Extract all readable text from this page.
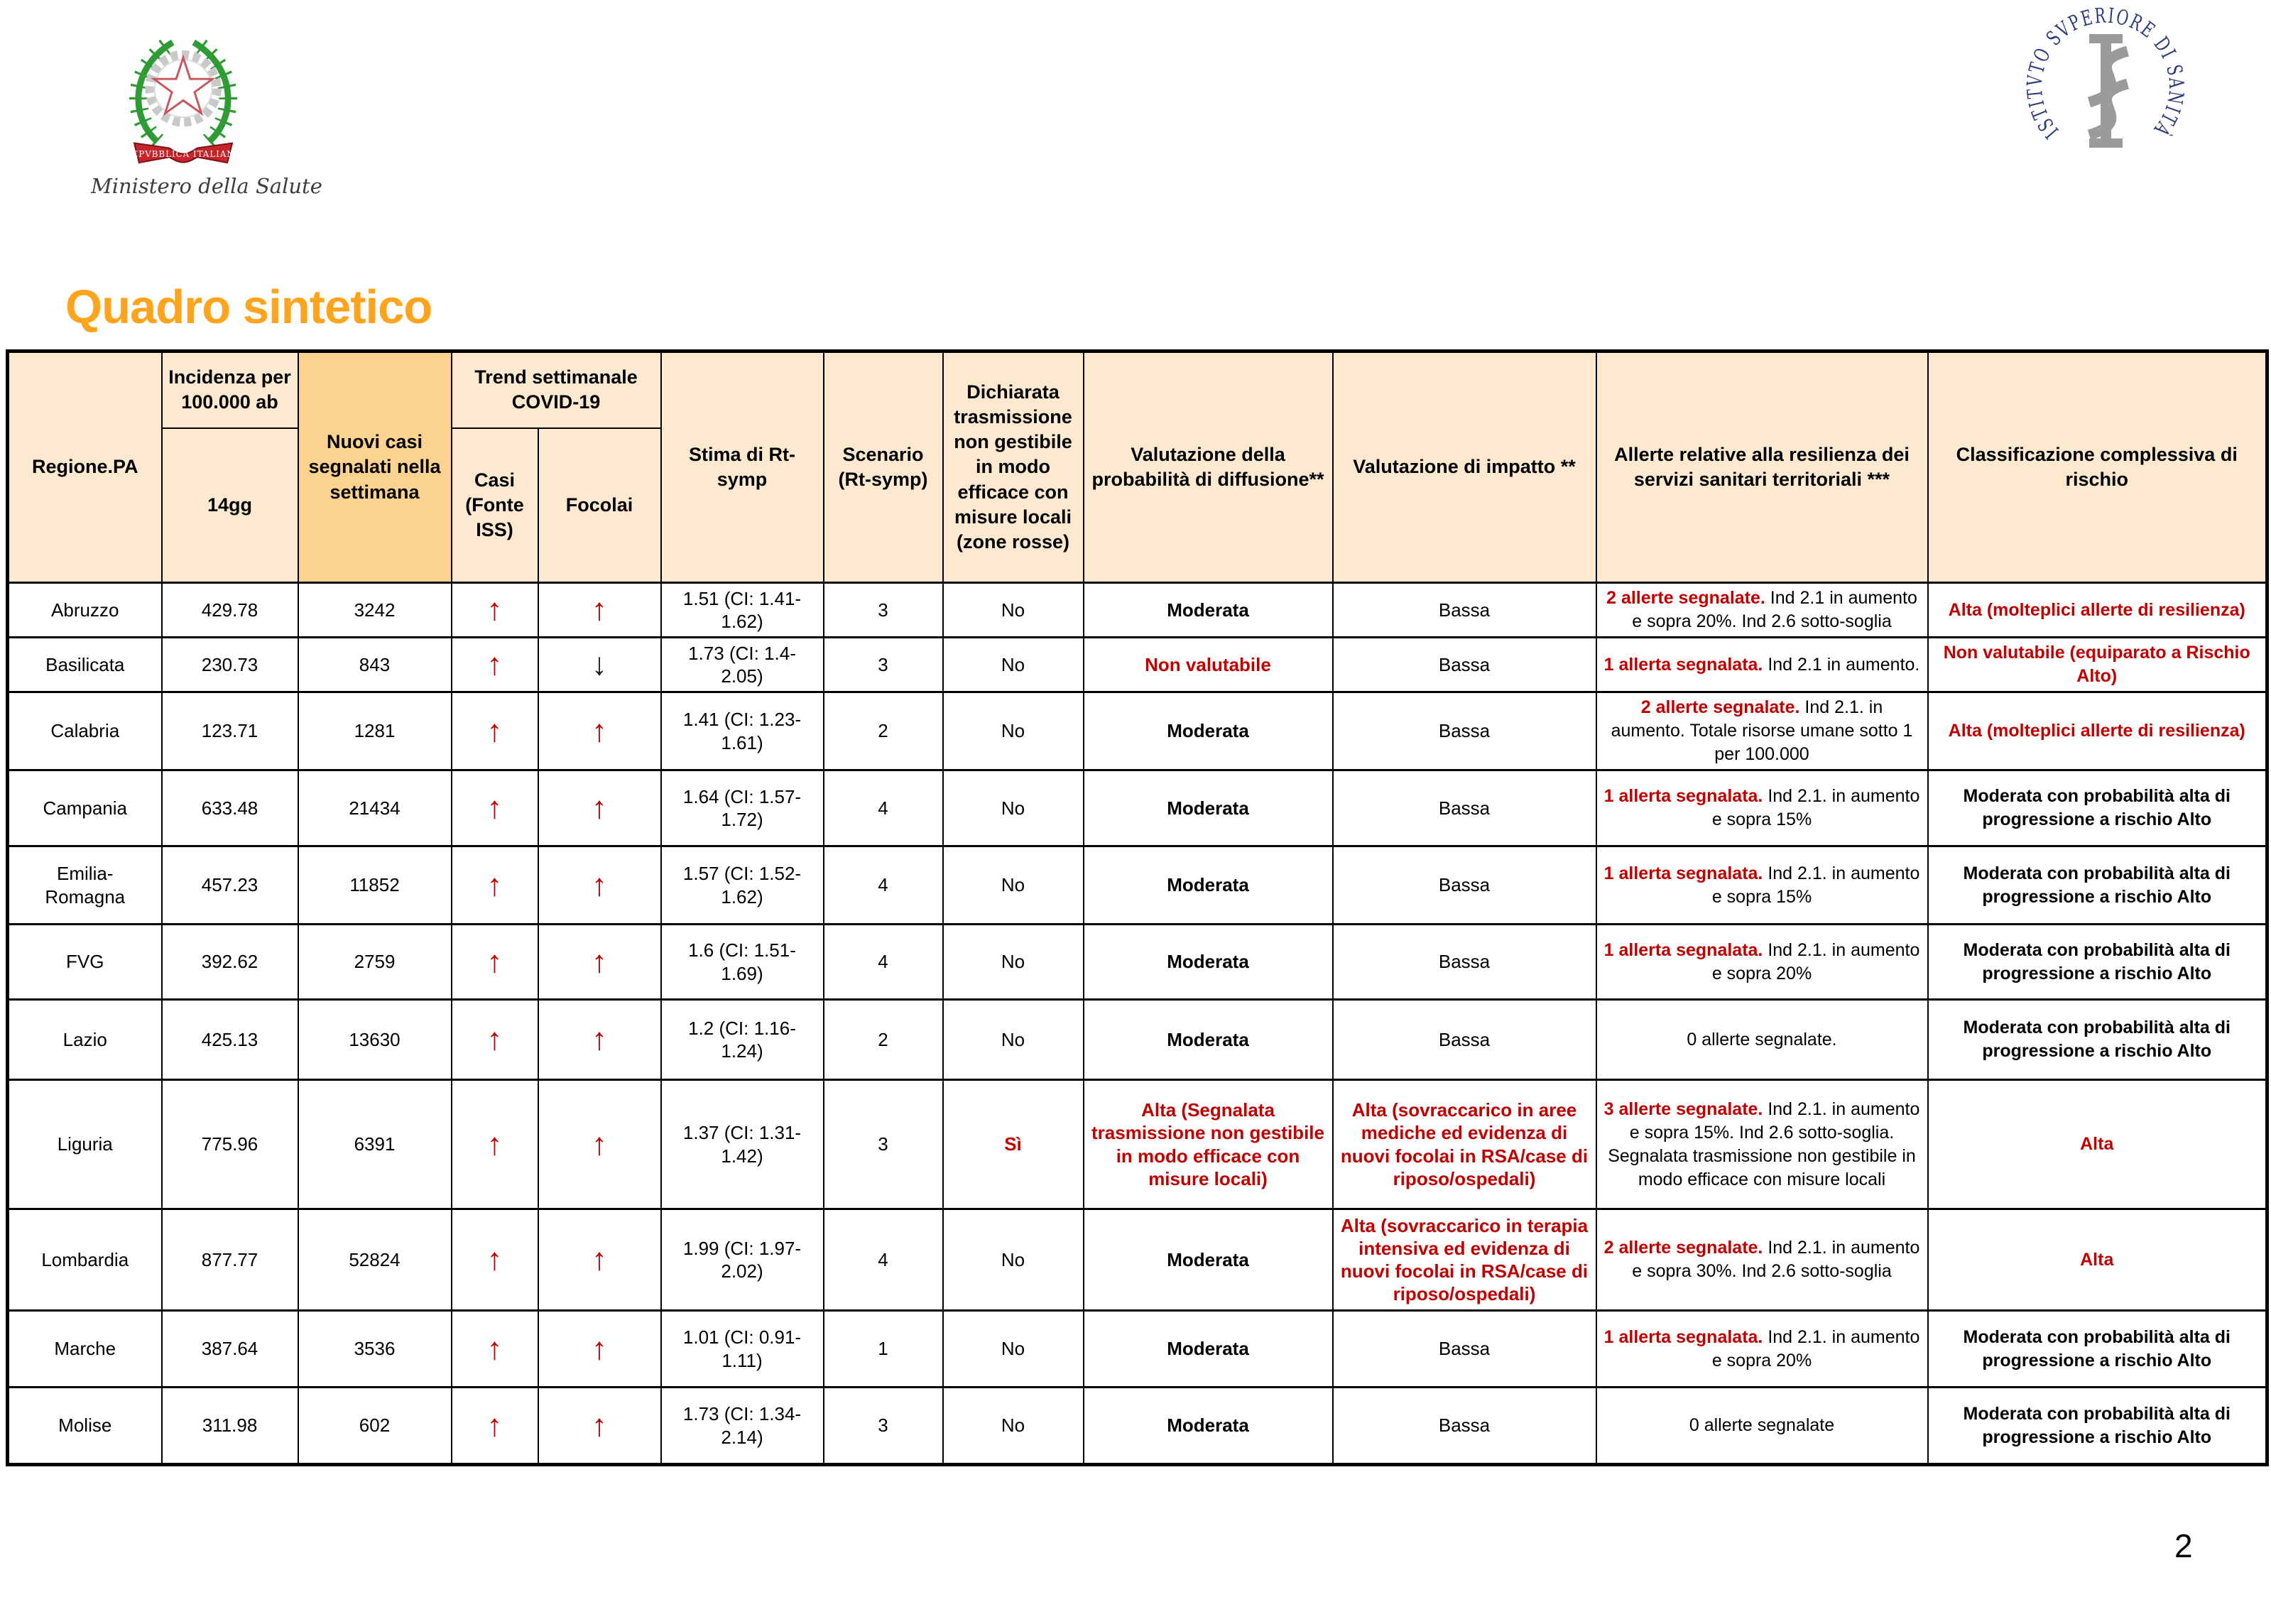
REPVBBLICA ITALIANA
Ministero della Salute
ISTITVTO SVPERIORE DI SANITÀ
Quadro sintetico
Regione.PA	Incidenza per 100.000 ab	Nuovi casi segnalati nella settimana	Trend settimanale COVID-19		Stima di Rt-symp	Scenario (Rt-symp)	Dichiarata trasmissione non gestibile in modo efficace con misure locali (zone rosse)	Valutazione della probabilità di diffusione**	Valutazione di impatto **	Allerte relative alla resilienza dei servizi sanitari territoriali ***	Classificazione complessiva di rischio
	14gg		Casi (Fonte ISS)	Focolai							
Abruzzo	429.78	3242	↑	↑	1.51 (CI: 1.41-1.62)	3	No	Moderata	Bassa	2 allerte segnalate. Ind 2.1 in aumento e sopra 20%. Ind 2.6 sotto-soglia	Alta (molteplici allerte di resilienza)
Basilicata	230.73	843	↑	↓	1.73 (CI: 1.4-2.05)	3	No	Non valutabile	Bassa	1 allerta segnalata. Ind 2.1 in aumento.	Non valutabile (equiparato a Rischio Alto)
Calabria	123.71	1281	↑	↑	1.41 (CI: 1.23-1.61)	2	No	Moderata	Bassa	2 allerte segnalate. Ind 2.1. in aumento. Totale risorse umane sotto 1 per 100.000	Alta (molteplici allerte di resilienza)
Campania	633.48	21434	↑	↑	1.64 (CI: 1.57-1.72)	4	No	Moderata	Bassa	1 allerta segnalata. Ind 2.1. in aumento e sopra 15%	Moderata con probabilità alta di progressione a rischio Alto
Emilia-Romagna	457.23	11852	↑	↑	1.57 (CI: 1.52-1.62)	4	No	Moderata	Bassa	1 allerta segnalata. Ind 2.1. in aumento e sopra 15%	Moderata con probabilità alta di progressione a rischio Alto
FVG	392.62	2759	↑	↑	1.6 (CI: 1.51-1.69)	4	No	Moderata	Bassa	1 allerta segnalata. Ind 2.1. in aumento e sopra 20%	Moderata con probabilità alta di progressione a rischio Alto
Lazio	425.13	13630	↑	↑	1.2 (CI: 1.16-1.24)	2	No	Moderata	Bassa	0 allerte segnalate.	Moderata con probabilità alta di progressione a rischio Alto
Liguria	775.96	6391	↑	↑	1.37 (CI: 1.31-1.42)	3	Sì	Alta (Segnalata trasmissione non gestibile in modo efficace con misure locali)	Alta (sovraccarico in aree mediche ed evidenza di nuovi focolai in RSA/case di riposo/ospedali)	3 allerte segnalate. Ind 2.1. in aumento e sopra 15%. Ind 2.6 sotto-soglia. Segnalata trasmissione non gestibile in modo efficace con misure locali	Alta
Lombardia	877.77	52824	↑	↑	1.99 (CI: 1.97-2.02)	4	No	Moderata	Alta (sovraccarico in terapia intensiva ed evidenza di nuovi focolai in RSA/case di riposo/ospedali)	2 allerte segnalate. Ind 2.1. in aumento e sopra 30%. Ind 2.6 sotto-soglia	Alta
Marche	387.64	3536	↑	↑	1.01 (CI: 0.91-1.11)	1	No	Moderata	Bassa	1 allerta segnalata. Ind 2.1. in aumento e sopra 20%	Moderata con probabilità alta di progressione a rischio Alto
Molise	311.98	602	↑	↑	1.73 (CI: 1.34-2.14)	3	No	Moderata	Bassa	0 allerte segnalate	Moderata con probabilità alta di progressione a rischio Alto
2
